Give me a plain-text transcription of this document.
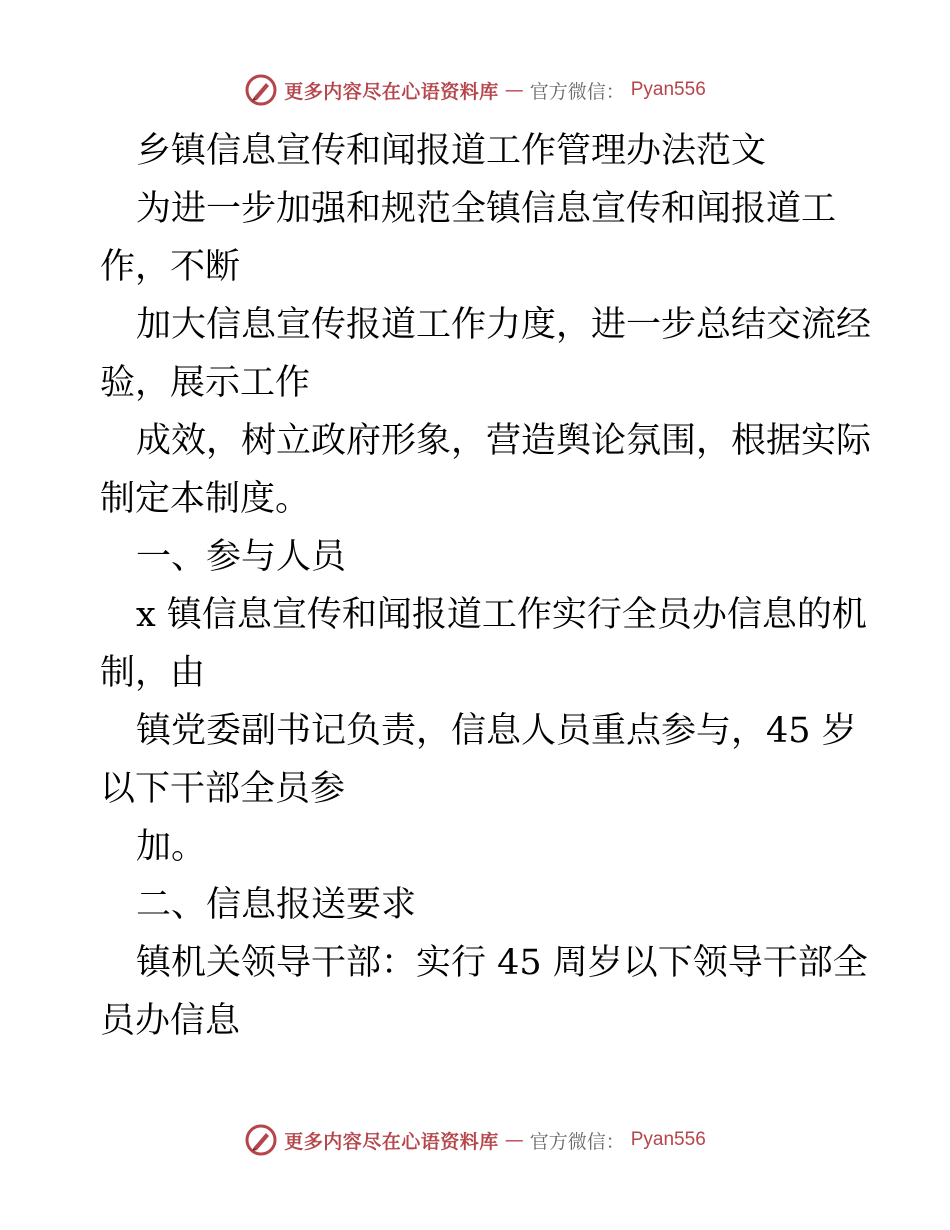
更多内容尽在心语资料库 — 官方微信： Pyan556
乡镇信息宣传和闻报道工作管理办法范文
为进一步加强和规范全镇信息宣传和闻报道工
作，不断
加大信息宣传报道工作力度，进一步总结交流经
验，展示工作
成效，树立政府形象，营造舆论氛围，根据实际
制定本制度。
一、参与人员
x 镇信息宣传和闻报道工作实行全员办信息的机
制，由
镇党委副书记负责，信息人员重点参与，45 岁
以下干部全员参
加。
二、信息报送要求
镇机关领导干部：实行 45 周岁以下领导干部全
员办信息
更多内容尽在心语资料库 — 官方微信： Pyan556
